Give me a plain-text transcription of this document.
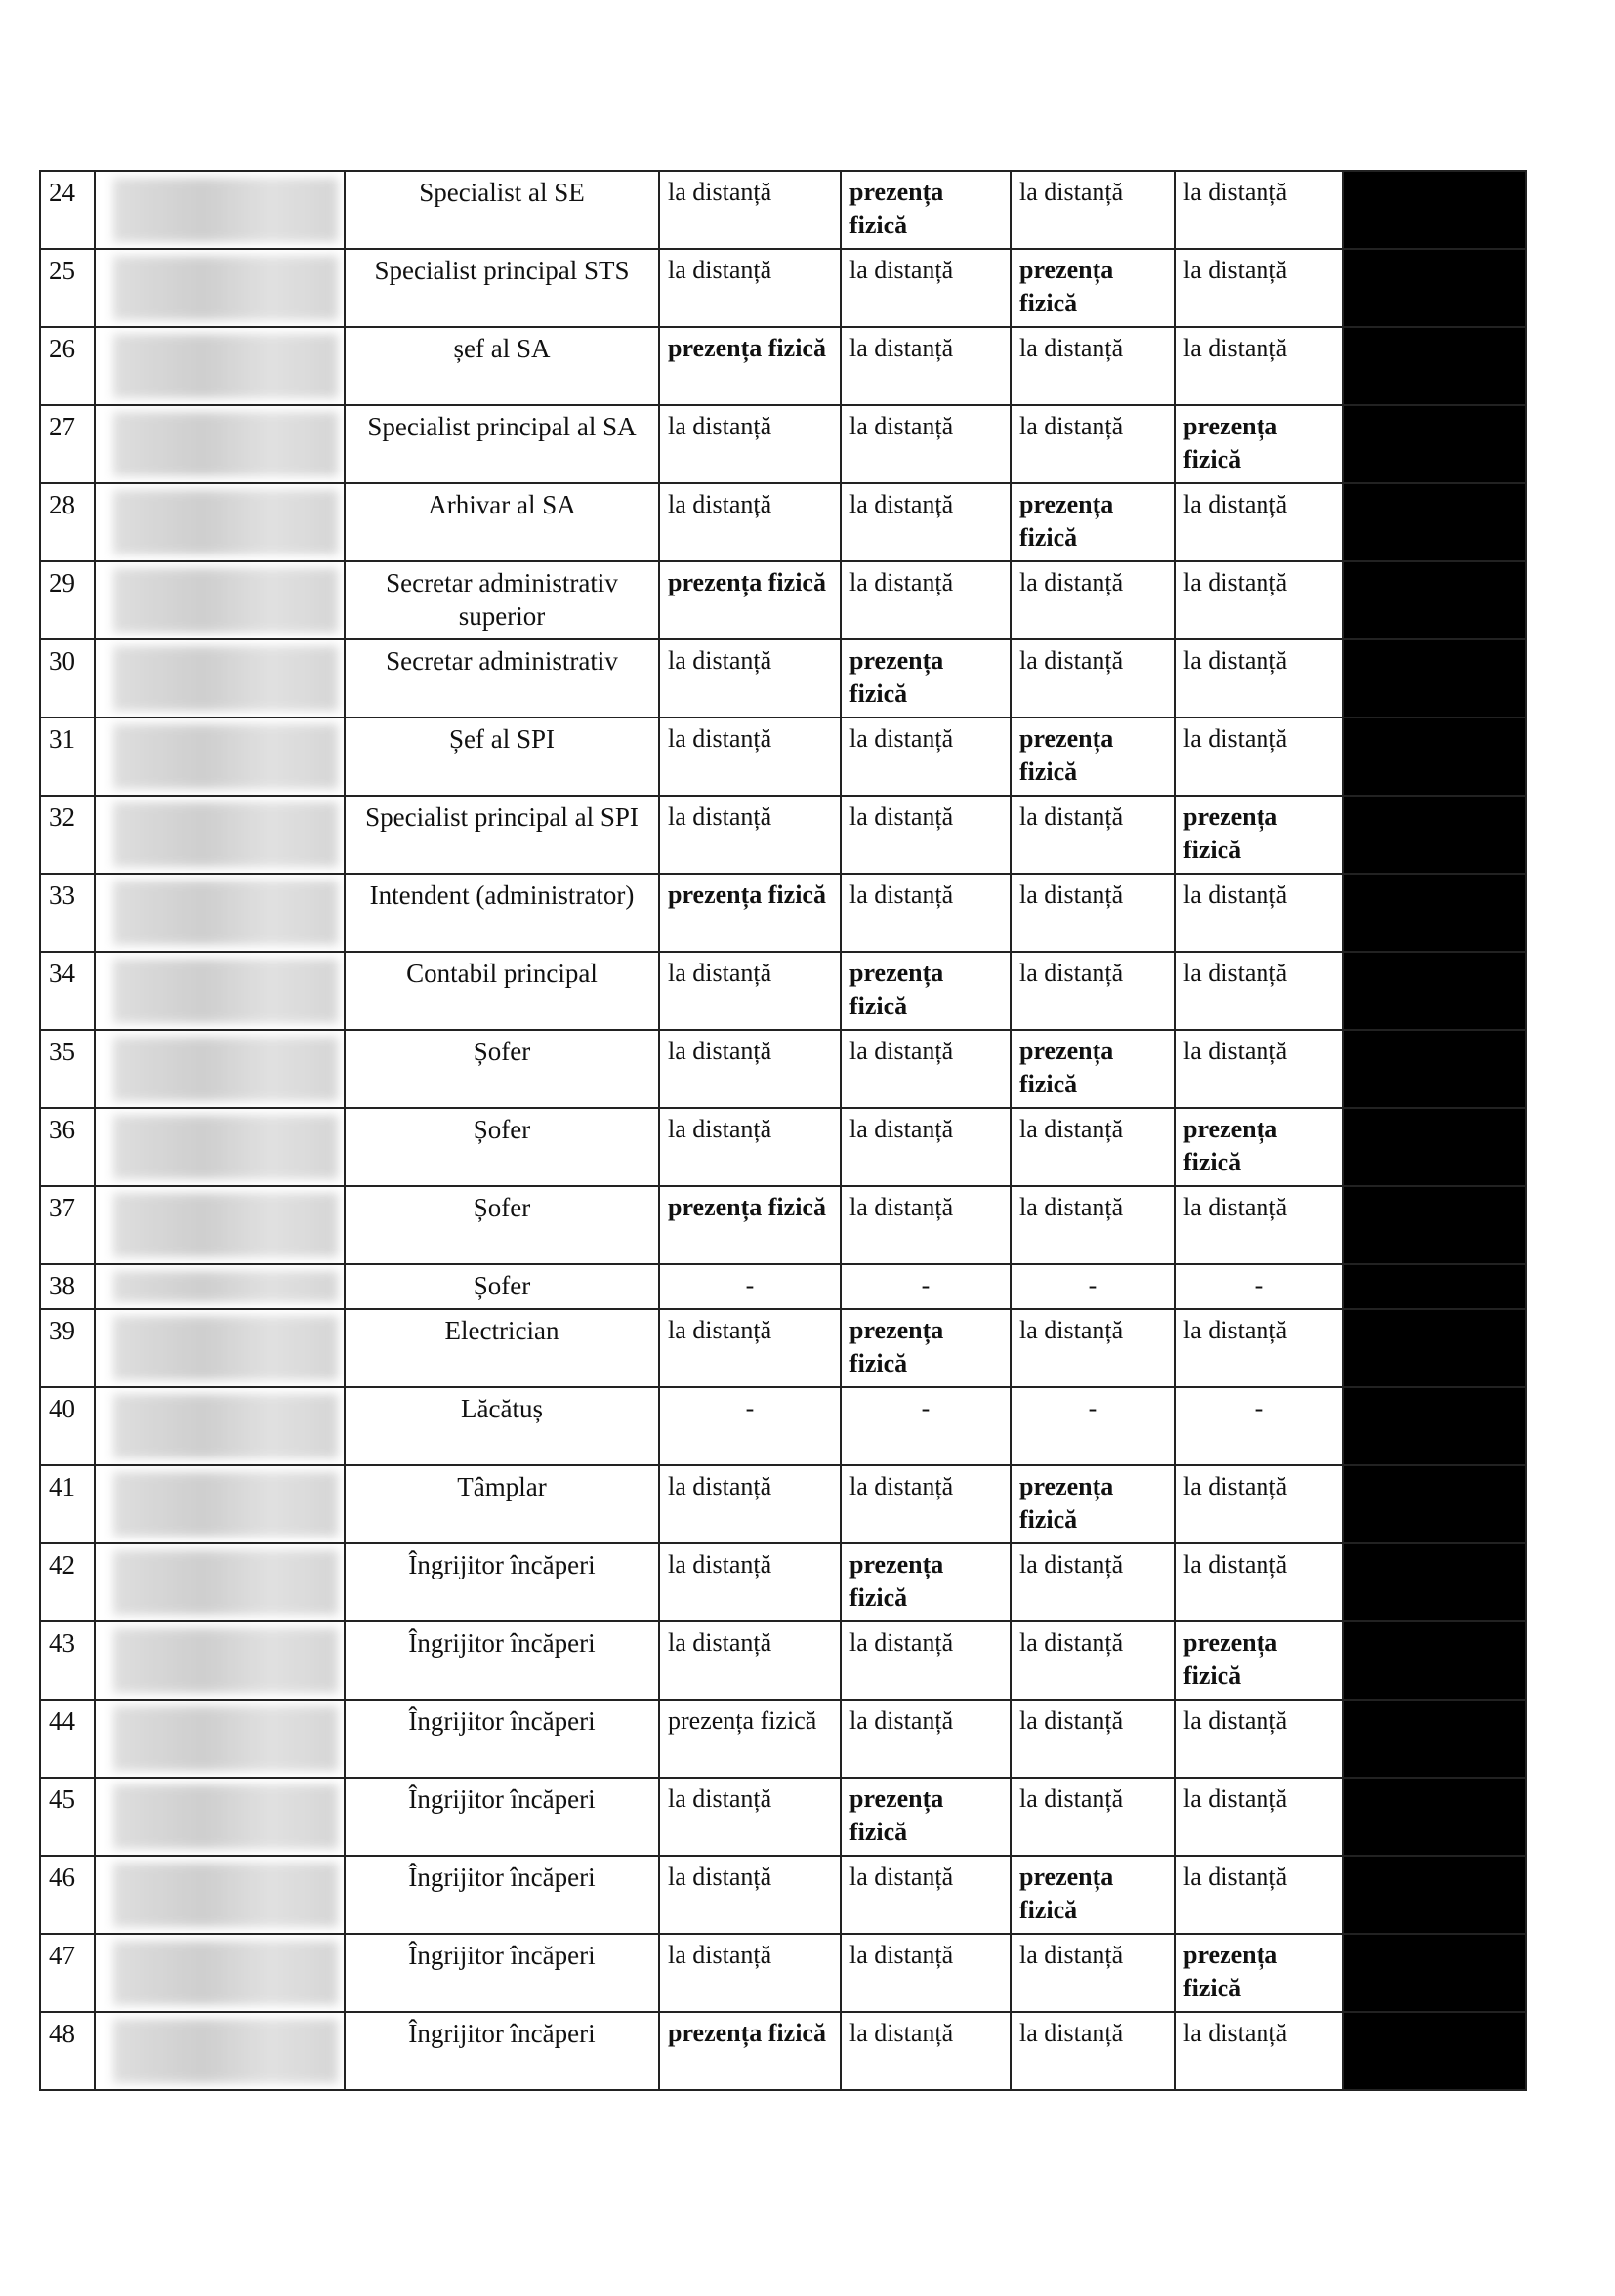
24		Specialist al SE	la distanță	prezența fizică	la distanță	la distanță	
25		Specialist principal STS	la distanță	la distanță	prezența fizică	la distanță	
26		șef al SA	prezența fizică	la distanță	la distanță	la distanță	
27		Specialist principal al SA	la distanță	la distanță	la distanță	prezența fizică	
28		Arhivar al SA	la distanță	la distanță	prezența fizică	la distanță	
29		Secretar administrativ superior	prezența fizică	la distanță	la distanță	la distanță	
30		Secretar administrativ	la distanță	prezența fizică	la distanță	la distanță	
31		Șef al SPI	la distanță	la distanță	prezența fizică	la distanță	
32		Specialist principal al SPI	la distanță	la distanță	la distanță	prezența fizică	
33		Intendent (administrator)	prezența fizică	la distanță	la distanță	la distanță	
34		Contabil principal	la distanță	prezența fizică	la distanță	la distanță	
35		Șofer	la distanță	la distanță	prezența fizică	la distanță	
36		Șofer	la distanță	la distanță	la distanță	prezența fizică	
37		Șofer	prezența fizică	la distanță	la distanță	la distanță	
38		Șofer	-	-	-	-	
39		Electrician	la distanță	prezența fizică	la distanță	la distanță	
40		Lăcătuș	-	-	-	-	
41		Tâmplar	la distanță	la distanță	prezența fizică	la distanță	
42		Îngrijitor încăperi	la distanță	prezența fizică	la distanță	la distanță	
43		Îngrijitor încăperi	la distanță	la distanță	la distanță	prezența fizică	
44		Îngrijitor încăperi	prezența fizică	la distanță	la distanță	la distanță	
45		Îngrijitor încăperi	la distanță	prezența fizică	la distanță	la distanță	
46		Îngrijitor încăperi	la distanță	la distanță	prezența fizică	la distanță	
47		Îngrijitor încăperi	la distanță	la distanță	la distanță	prezența fizică	
48		Îngrijitor încăperi	prezența fizică	la distanță	la distanță	la distanță	
